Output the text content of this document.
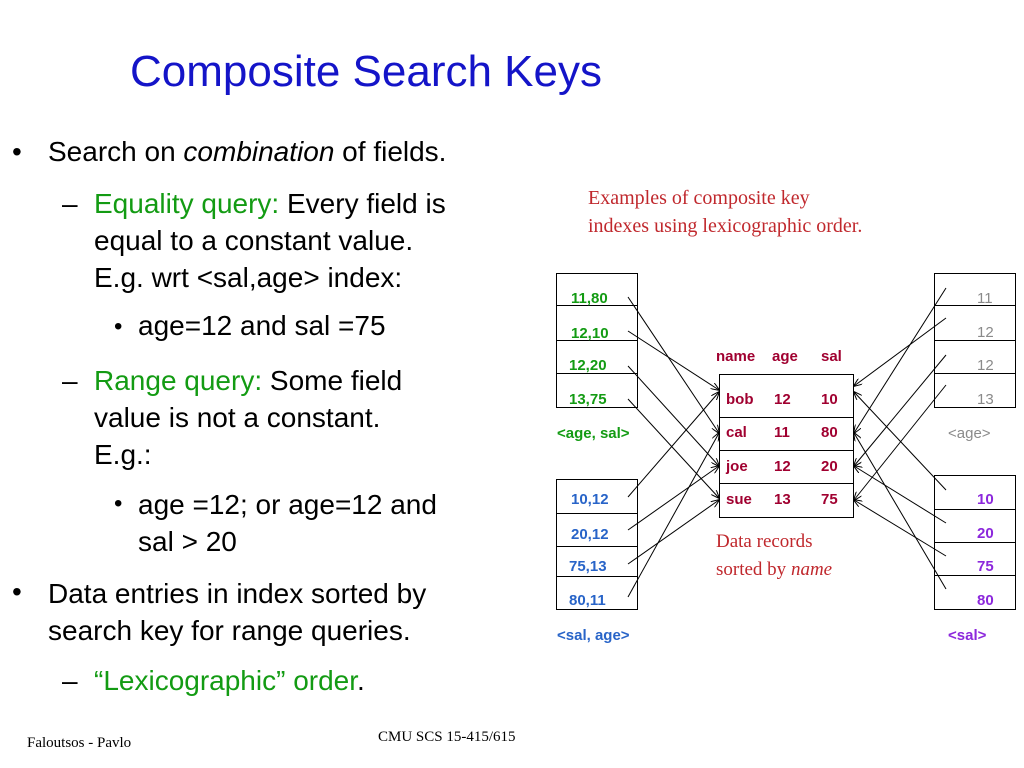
Composite Search Keys
• Search on combination of fields.
– Equality query: Every field is
equal to a constant value.
E.g. wrt <sal,age> index:
• age=12 and sal =75
– Range query: Some field
value is not a constant.
E.g.:
• age =12; or age=12 and
sal > 20
• Data entries in index sorted by
search key for range queries.
– “Lexicographic” order.
Examples of composite key
indexes using lexicographic order.
11,80
12,10
12,20
13,75
<age, sal>
10,12
20,12
75,13
80,11
<sal, age>
name age sal
bob 12 10
cal 11 80
joe 12 20
sue 13 75
Data records
sorted by name
11
12
12
13
<age>
10
20
75
80
<sal>
Faloutsos - Pavlo	CMU SCS 15-415/615
